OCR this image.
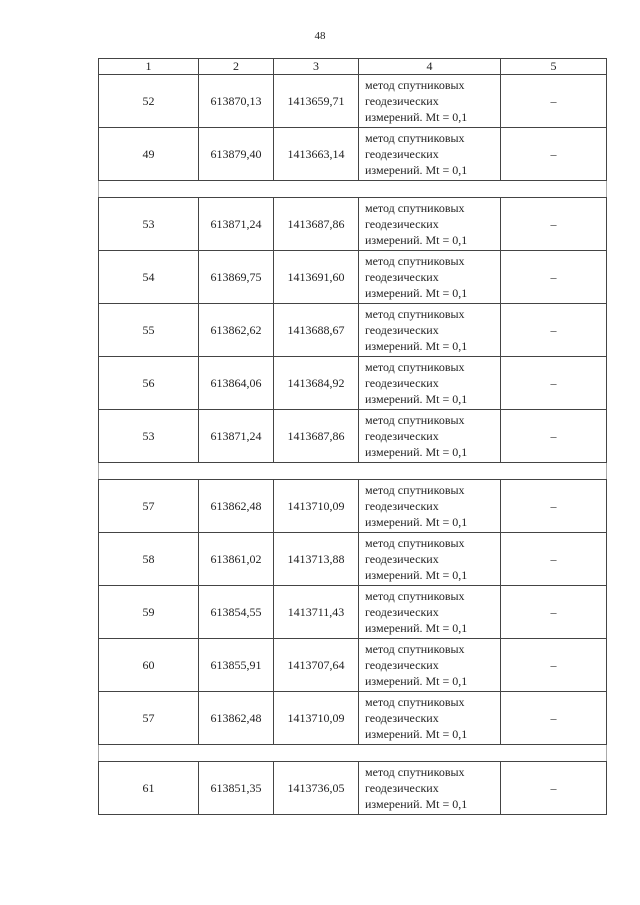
48
1	2	3	4	5
52	613870,13	1413659,71	метод спутниковых
геодезических
измерений. Mt = 0,1	–
49	613879,40	1413663,14	метод спутниковых
геодезических
измерений. Mt = 0,1	–

53	613871,24	1413687,86	метод спутниковых
геодезических
измерений. Mt = 0,1	–
54	613869,75	1413691,60	метод спутниковых
геодезических
измерений. Mt = 0,1	–
55	613862,62	1413688,67	метод спутниковых
геодезических
измерений. Mt = 0,1	–
56	613864,06	1413684,92	метод спутниковых
геодезических
измерений. Mt = 0,1	–
53	613871,24	1413687,86	метод спутниковых
геодезических
измерений. Mt = 0,1	–

57	613862,48	1413710,09	метод спутниковых
геодезических
измерений. Mt = 0,1	–
58	613861,02	1413713,88	метод спутниковых
геодезических
измерений. Mt = 0,1	–
59	613854,55	1413711,43	метод спутниковых
геодезических
измерений. Mt = 0,1	–
60	613855,91	1413707,64	метод спутниковых
геодезических
измерений. Mt = 0,1	–
57	613862,48	1413710,09	метод спутниковых
геодезических
измерений. Mt = 0,1	–

61	613851,35	1413736,05	метод спутниковых
геодезических
измерений. Mt = 0,1	–
